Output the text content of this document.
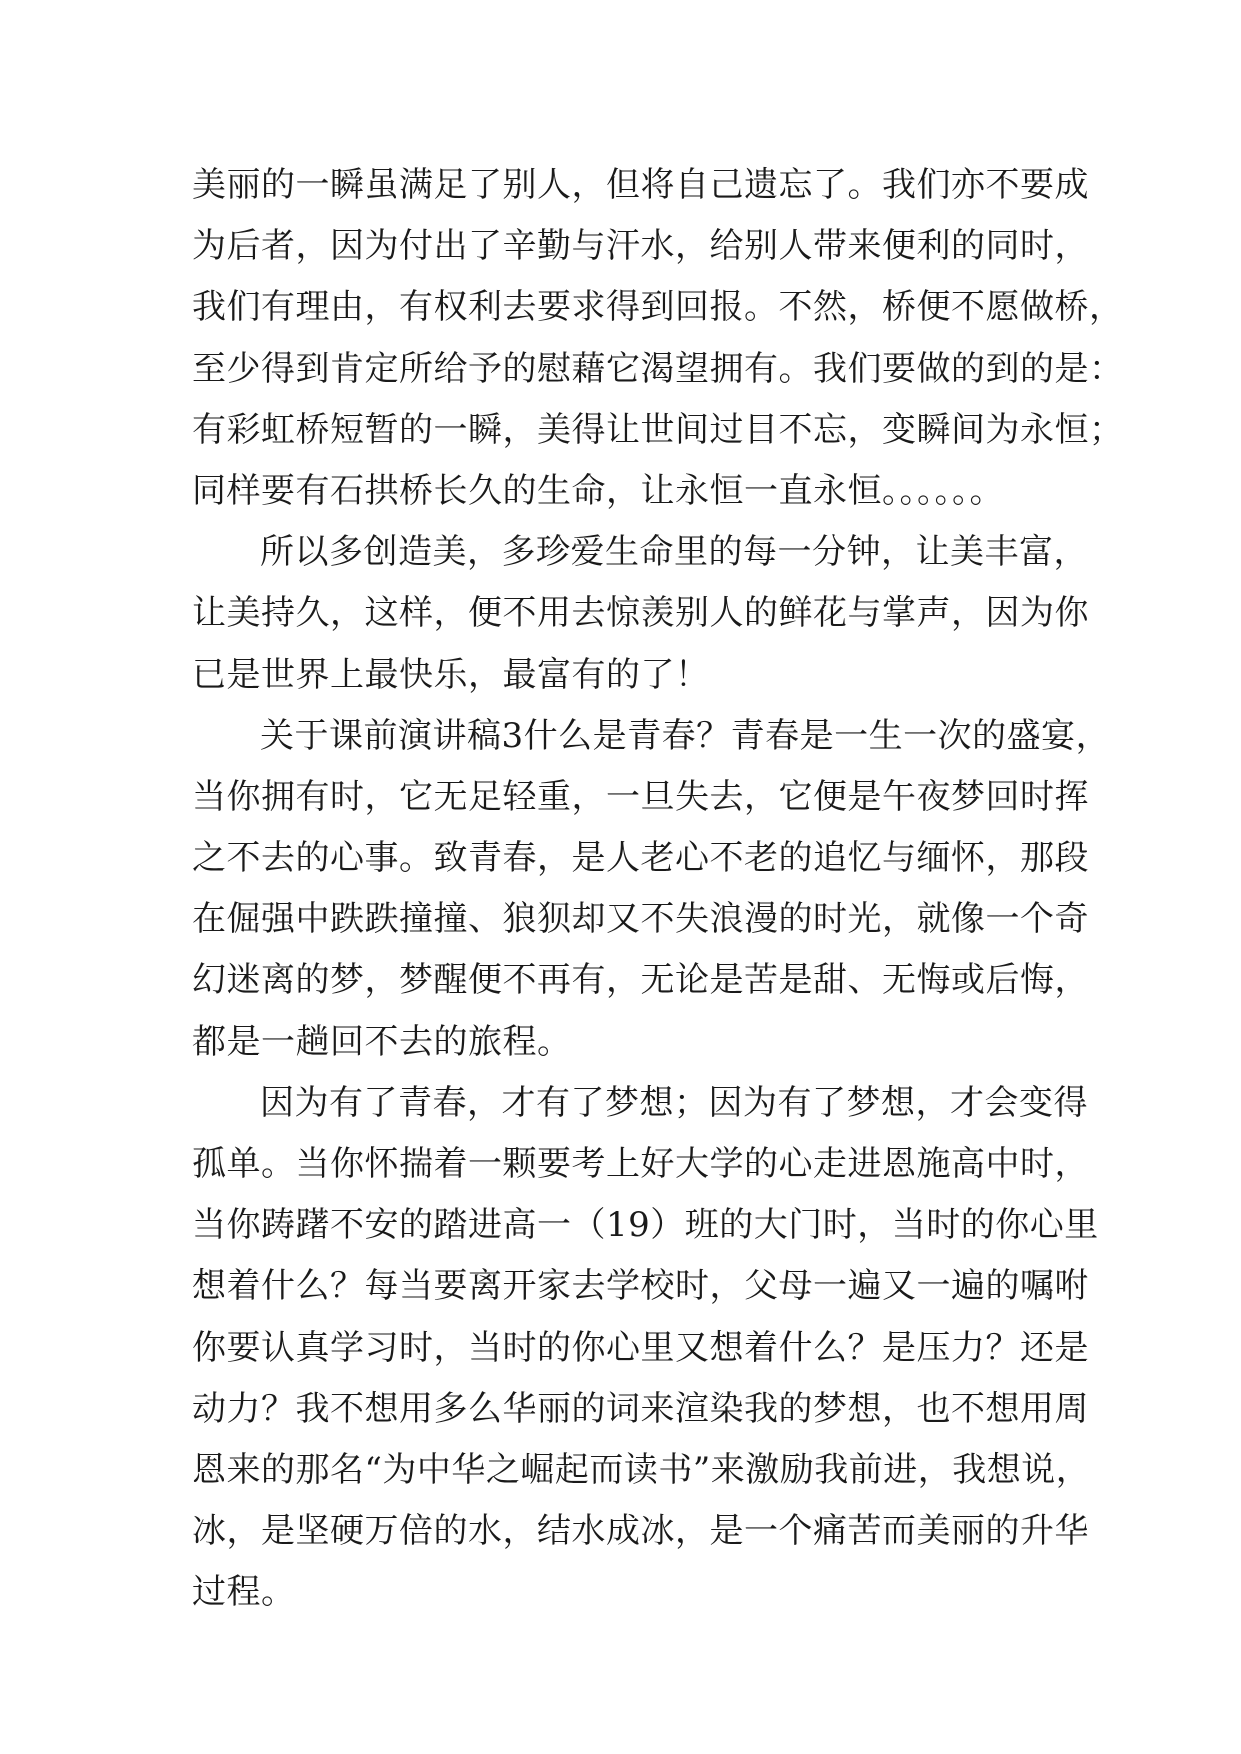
美丽的一瞬虽满足了别人，但将自己遗忘了。我们亦不要成
为后者，因为付出了辛勤与汗水，给别人带来便利的同时，
我们有理由，有权利去要求得到回报。不然，桥便不愿做桥，
至少得到肯定所给予的慰藉它渴望拥有。我们要做的到的是：
有彩虹桥短暂的一瞬，美得让世间过目不忘，变瞬间为永恒；
同样要有石拱桥长久的生命，让永恒一直永恒。。。。。。
所以多创造美，多珍爱生命里的每一分钟，让美丰富，
让美持久，这样，便不用去惊羡别人的鲜花与掌声，因为你
已是世界上最快乐，最富有的了！
关于课前演讲稿3什么是青春？青春是一生一次的盛宴，
当你拥有时，它无足轻重，一旦失去，它便是午夜梦回时挥
之不去的心事。致青春，是人老心不老的追忆与缅怀，那段
在倔强中跌跌撞撞、狼狈却又不失浪漫的时光，就像一个奇
幻迷离的梦，梦醒便不再有，无论是苦是甜、无悔或后悔，
都是一趟回不去的旅程。
因为有了青春，才有了梦想；因为有了梦想，才会变得
孤单。当你怀揣着一颗要考上好大学的心走进恩施高中时，
当你踌躇不安的踏进高一（19）班的大门时，当时的你心里
想着什么？每当要离开家去学校时，父母一遍又一遍的嘱咐
你要认真学习时，当时的你心里又想着什么？是压力？还是
动力？我不想用多么华丽的词来渲染我的梦想，也不想用周
恩来的那名“为中华之崛起而读书”来激励我前进，我想说，
冰，是坚硬万倍的水，结水成冰，是一个痛苦而美丽的升华
过程。
